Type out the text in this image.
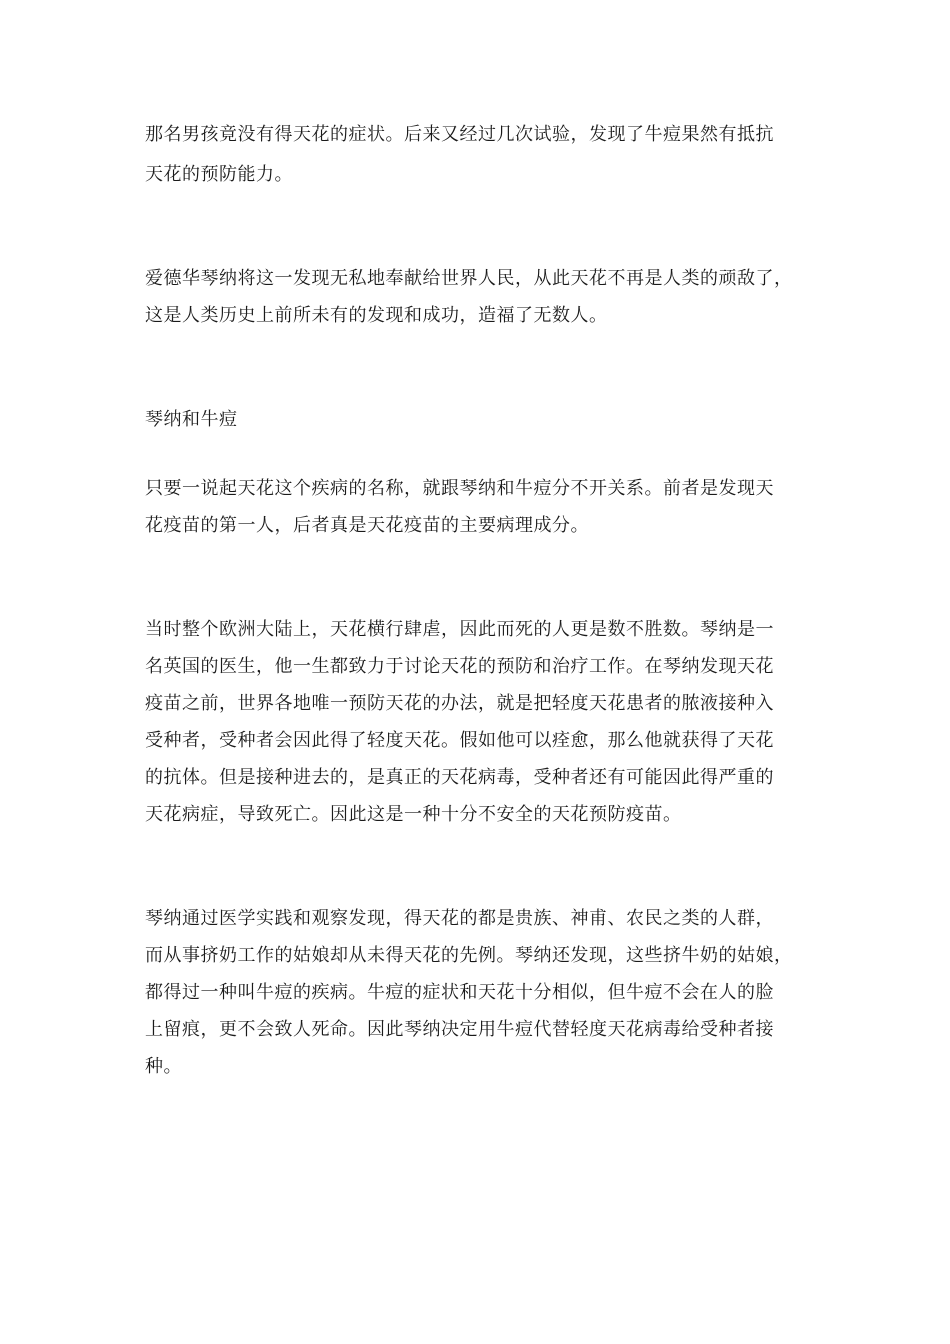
那名男孩竟没有得天花的症状。后来又经过几次试验，发现了牛痘果然有抵抗
天花的预防能力。
爱德华琴纳将这一发现无私地奉献给世界人民，从此天花不再是人类的顽敌了，
这是人类历史上前所未有的发现和成功，造福了无数人。
琴纳和牛痘
只要一说起天花这个疾病的名称，就跟琴纳和牛痘分不开关系。前者是发现天
花疫苗的第一人，后者真是天花疫苗的主要病理成分。
当时整个欧洲大陆上，天花横行肆虐，因此而死的人更是数不胜数。琴纳是一
名英国的医生，他一生都致力于讨论天花的预防和治疗工作。在琴纳发现天花
疫苗之前，世界各地唯一预防天花的办法，就是把轻度天花患者的脓液接种入
受种者，受种者会因此得了轻度天花。假如他可以痊愈，那么他就获得了天花
的抗体。但是接种进去的，是真正的天花病毒，受种者还有可能因此得严重的
天花病症，导致死亡。因此这是一种十分不安全的天花预防疫苗。
琴纳通过医学实践和观察发现，得天花的都是贵族、神甫、农民之类的人群，
而从事挤奶工作的姑娘却从未得天花的先例。琴纳还发现，这些挤牛奶的姑娘，
都得过一种叫牛痘的疾病。牛痘的症状和天花十分相似，但牛痘不会在人的脸
上留痕，更不会致人死命。因此琴纳决定用牛痘代替轻度天花病毒给受种者接
种。
